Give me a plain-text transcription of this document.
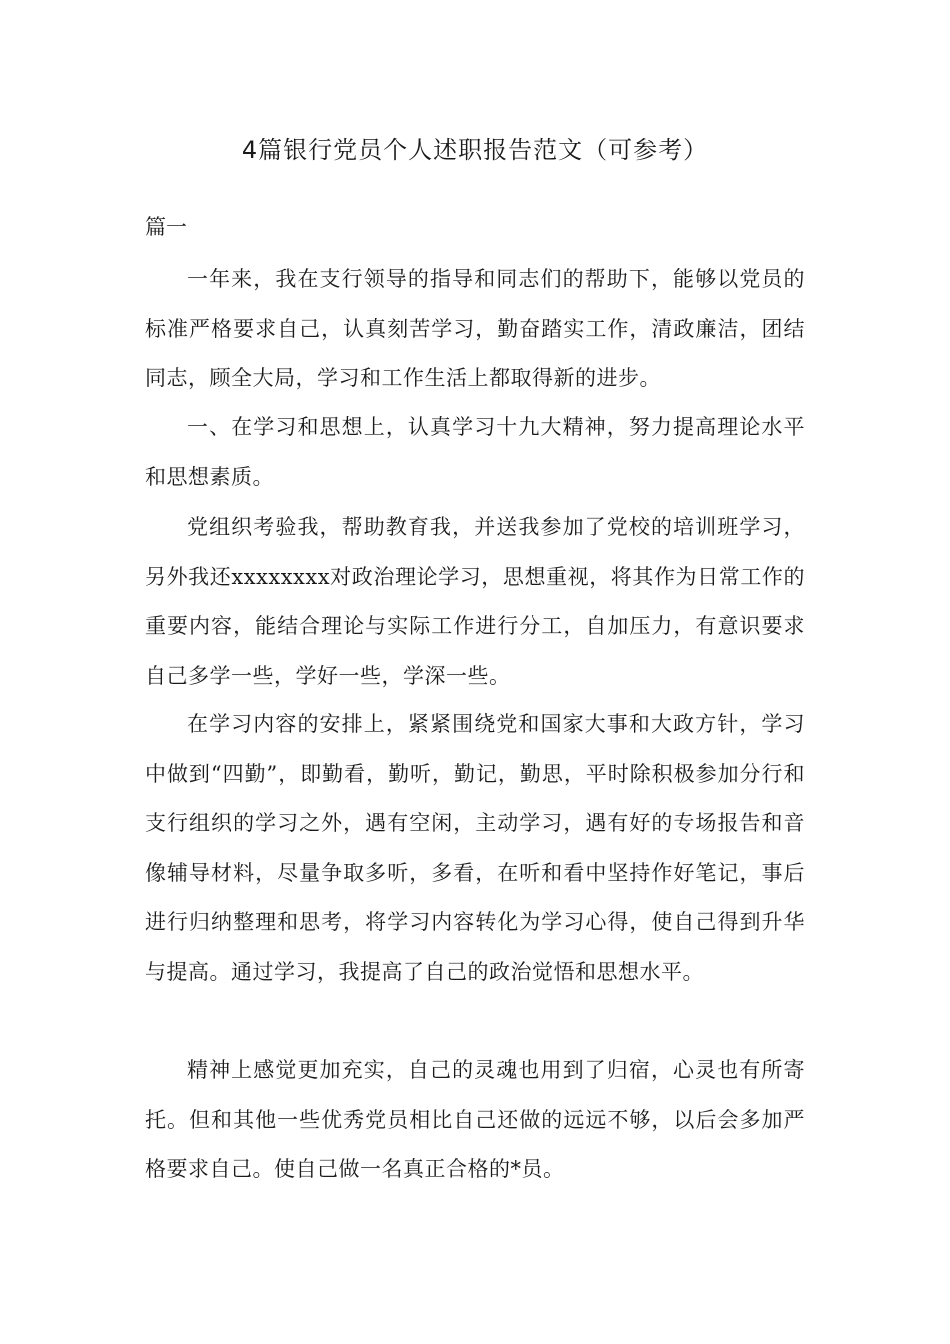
4篇银行党员个人述职报告范文（可参考）
篇一

一年来，我在支行领导的指导和同志们的帮助下，能够以党员的标准严格要求自己，认真刻苦学习，勤奋踏实工作，清政廉洁，团结同志，顾全大局，学习和工作生活上都取得新的进步。

一、在学习和思想上，认真学习十九大精神，努力提高理论水平和思想素质。

党组织考验我，帮助教育我，并送我参加了党校的培训班学习，另外我还xxxxxxxx对政治理论学习，思想重视，将其作为日常工作的重要内容，能结合理论与实际工作进行分工，自加压力，有意识要求自己多学一些，学好一些，学深一些。

在学习内容的安排上，紧紧围绕党和国家大事和大政方针，学习中做到“四勤”，即勤看，勤听，勤记，勤思，平时除积极参加分行和支行组织的学习之外，遇有空闲，主动学习，遇有好的专场报告和音像辅导材料，尽量争取多听，多看，在听和看中坚持作好笔记，事后进行归纳整理和思考，将学习内容转化为学习心得，使自己得到升华与提高。通过学习，我提高了自己的政治觉悟和思想水平。

精神上感觉更加充实，自己的灵魂也用到了归宿，心灵也有所寄托。但和其他一些优秀党员相比自己还做的远远不够，以后会多加严格要求自己。使自己做一名真正合格的*员。
